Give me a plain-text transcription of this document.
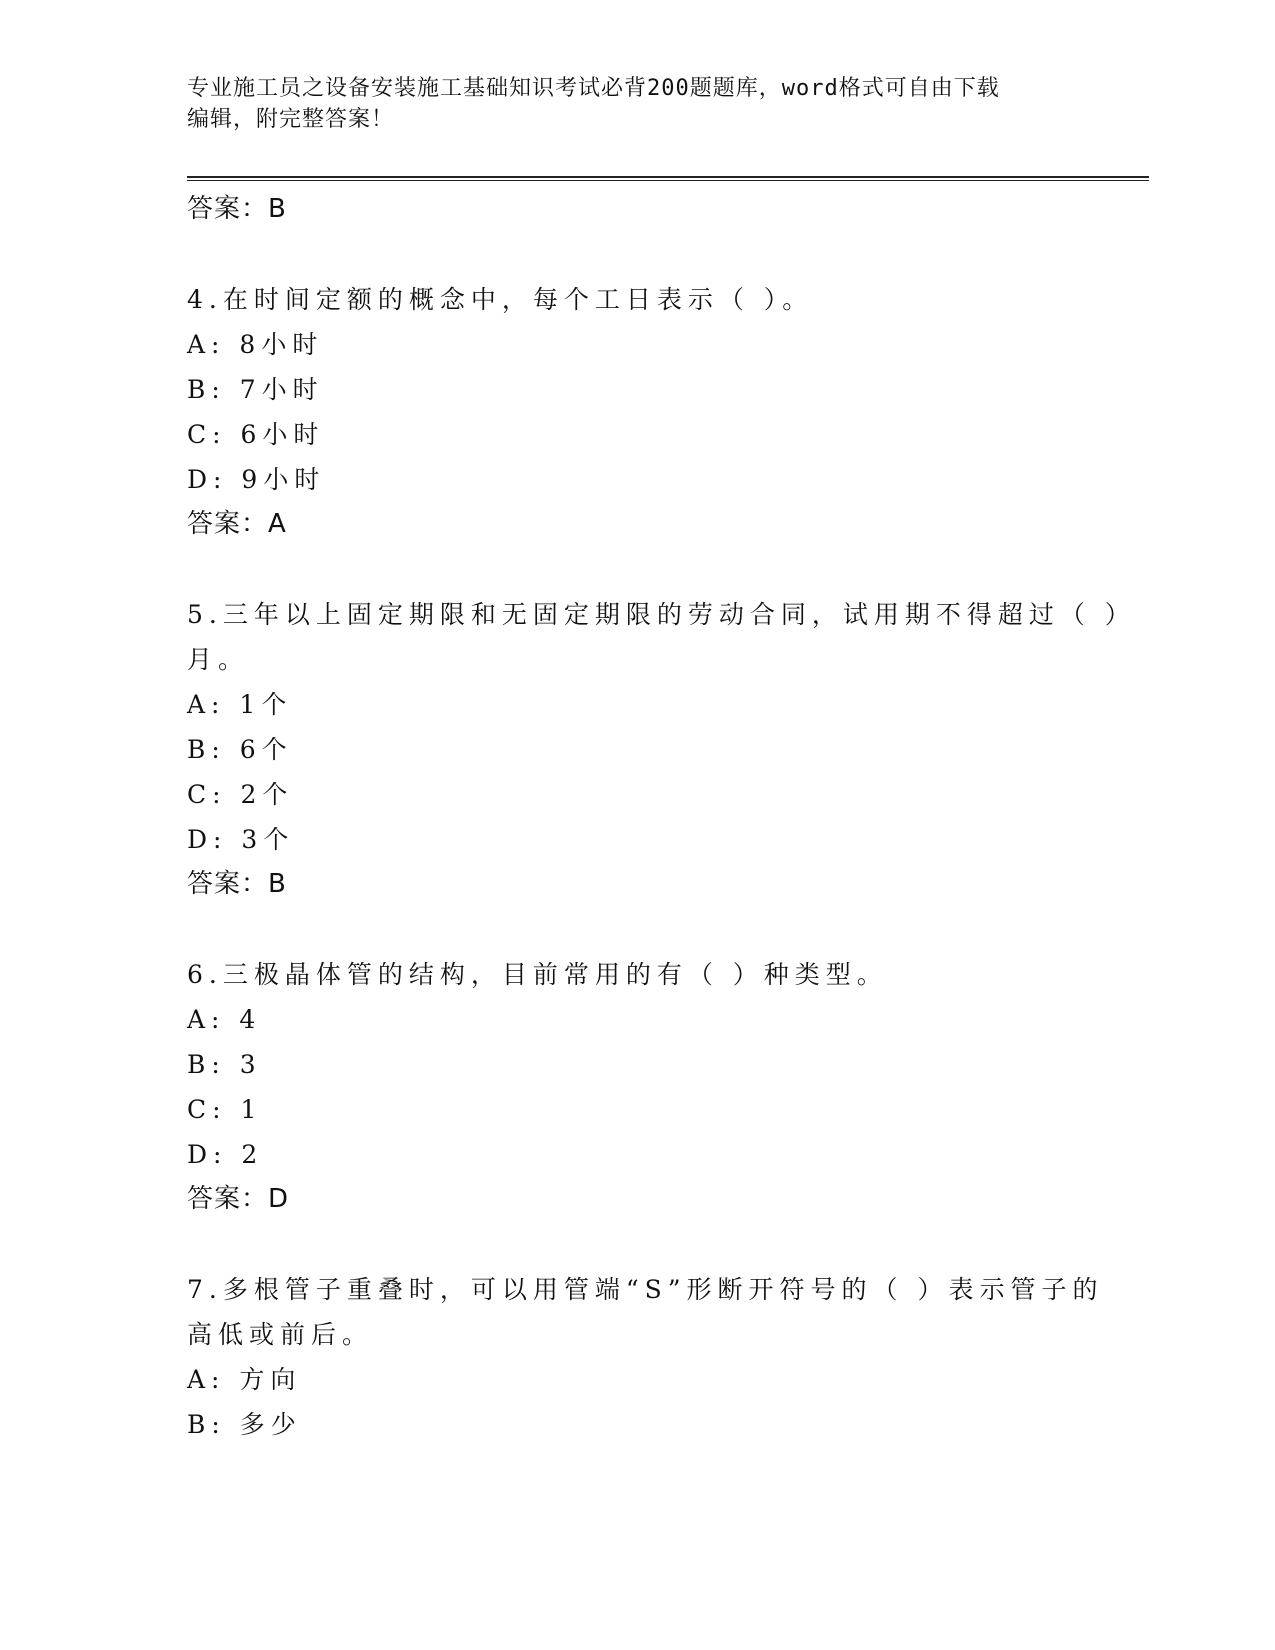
专业施工员之设备安装施工基础知识考试必背200题题库，word格式可自由下载
编辑，附完整答案！
答案：B
4.在时间定额的概念中，每个工日表示（ ）。
A: 8小时
B: 7小时
C: 6小时
D: 9小时
答案：A
5.三年以上固定期限和无固定期限的劳动合同，试用期不得超过（ ）
月。
A: 1个
B: 6个
C: 2个
D: 3个
答案：B
6.三极晶体管的结构，目前常用的有（ ）种类型。
A: 4
B: 3
C: 1
D: 2
答案：D
7.多根管子重叠时，可以用管端“S”形断开符号的（ ）表示管子的
高低或前后。
A: 方向
B: 多少
